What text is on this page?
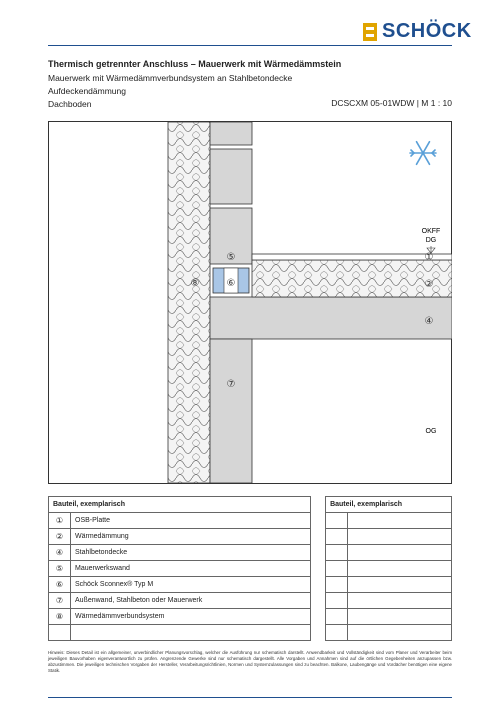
SCHÖCK
Thermisch getrennter Anschluss – Mauerwerk mit Wärmedämmstein
Mauerwerk mit Wärmedämmverbundsystem an Stahlbetondecke
Aufdeckendämmung
Dachboden	DCSCXM 05-01WDW | M 1 : 10
OKFF
DG
OG
①
②
④
⑤
⑥
⑦
⑧
Bauteil, exemplarisch			Bauteil, exemplarisch	
①	OSB-Platte			
②	Wärmedämmung			
④	Stahlbetondecke			
⑤	Mauerwerkswand			
⑥	Schöck Sconnex® Typ M			
⑦	Außenwand, Stahlbeton oder Mauerwerk			
⑧	Wärmedämmverbundsystem			

Hinweis: Dieses Detail ist ein allgemeiner, unverbindlicher Planungsvorschlag, welcher die Ausführung nur schematisch darstellt. Anwendbarkeit und Vollständigkeit sind vom Planer und Verarbeiter beim jeweiligen Bauvorhaben eigenverantwortlich zu prüfen. Angrenzende Gewerke sind nur schematisch dargestellt. Alle Vorgaben und Annahmen sind auf die örtlichen Gegebenheiten anzupassen bzw. abzustimmen. Die jeweiligen technischen Vorgaben der Hersteller, Verarbeitungsrichtlinien, Normen und Systemzulassungen sind zu beachten. Balkone, Laubengänge und Vordächer benötigen eine eigene Statik.
